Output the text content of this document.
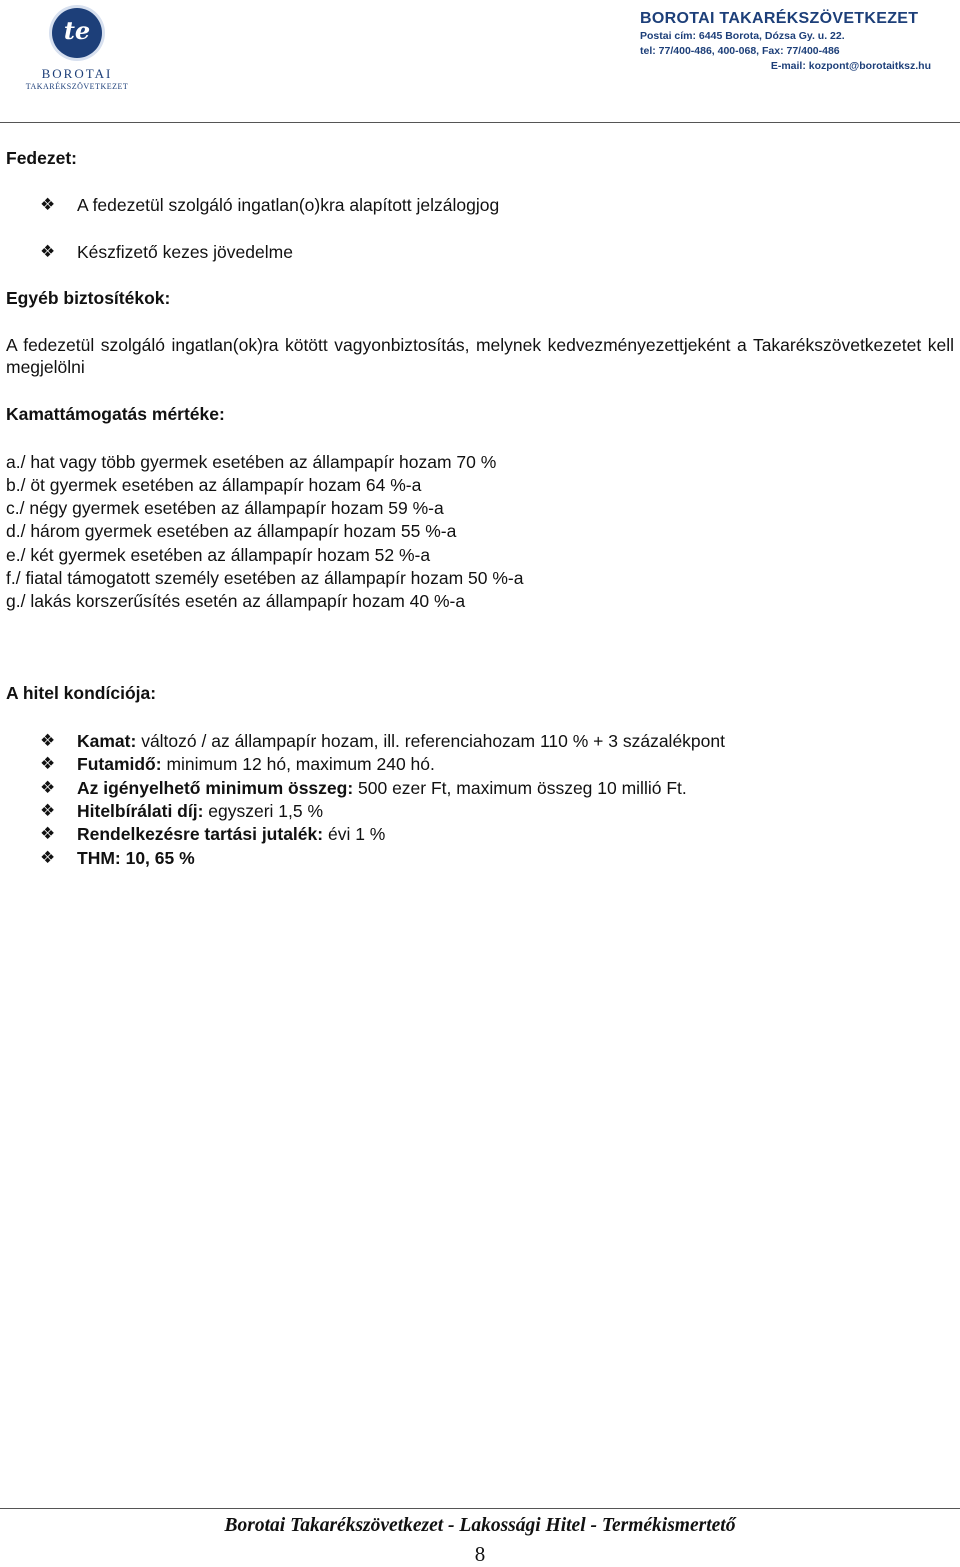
te
BOROTAI
TAKARÉKSZÖVETKEZET
BOROTAI TAKARÉKSZÖVETKEZET
Postai cím: 6445 Borota, Dózsa Gy. u. 22.
tel: 77/400-486, 400-068, Fax: 77/400-486
E-mail: kozpont@borotaitksz.hu
Fedezet:
❖ A fedezetül szolgáló ingatlan(o)kra alapított jelzálogjog
❖ Készfizető kezes jövedelme
Egyéb biztosítékok:
A fedezetül szolgáló ingatlan(ok)ra kötött vagyonbiztosítás, melynek kedvezményezettjeként a Takarékszövetkezetet kell megjelölni
Kamattámogatás mértéke:
a./ hat vagy több gyermek esetében az állampapír hozam 70 %
b./ öt gyermek esetében az állampapír hozam 64 %-a
c./ négy gyermek esetében az állampapír hozam 59 %-a
d./ három gyermek esetében az állampapír hozam 55 %-a
e./ két gyermek esetében az állampapír hozam 52 %-a
f./ fiatal támogatott személy esetében az állampapír hozam 50 %-a
g./ lakás korszerűsítés esetén az állampapír hozam 40 %-a
A hitel kondíciója:
❖ Kamat: változó / az állampapír hozam, ill. referenciahozam 110 % + 3 százalékpont
❖ Futamidő: minimum 12 hó, maximum 240 hó.
❖ Az igényelhető minimum összeg: 500 ezer Ft, maximum összeg 10 millió Ft.
❖ Hitelbírálati díj: egyszeri 1,5 %
❖ Rendelkezésre tartási jutalék: évi 1 %
❖ THM: 10, 65 %
Borotai Takarékszövetkezet - Lakossági Hitel - Termékismertető
8
